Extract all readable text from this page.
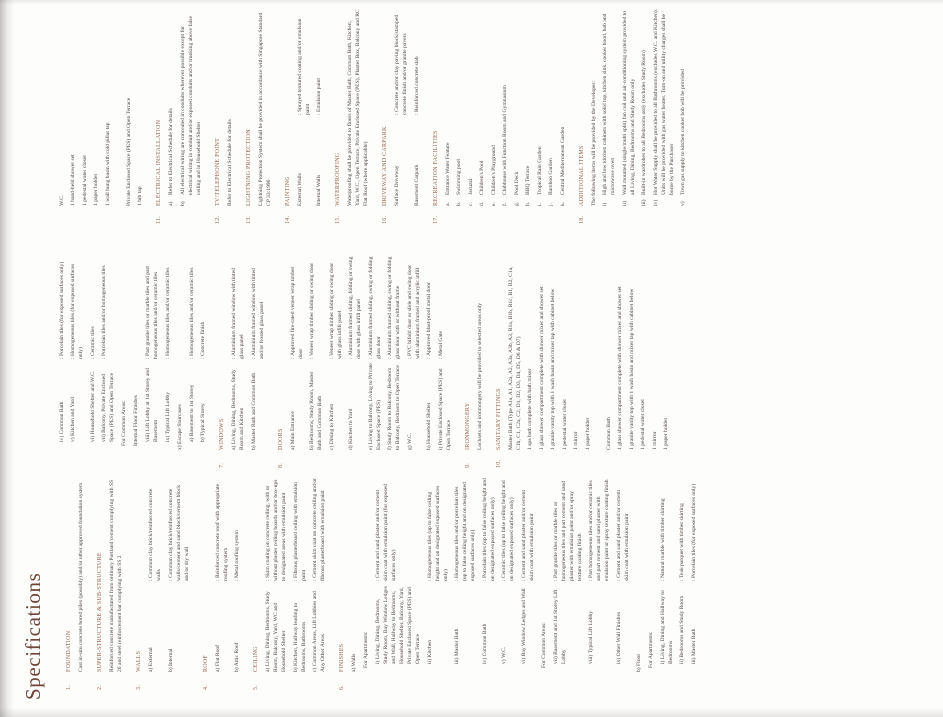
Specifications	1.
FOUNDATION Cast in-situ concrete bored piles (possibly) and/or other approved foundation system
2.
SUPER-STRUCTURE & SUB-STRUCTURE Reinforced concrete manufactured from ordinary Portland cement complying with SS 26 and steel reinforcement bar complying with SS 2
3.
WALLS a) External
: Common clay brick/reinforced concrete walls
b) Internal
: Common clay brick/reinforced concrete walls/cement and sand block/cement block and/or dry wall
4.
ROOF a) Flat Roof
: Reinforced concrete roof with appropriate roofing system
b) Attic Roof
: Metal roofing system
5.
CEILING a) Living, Dining, Bedrooms, Study Room, Balcony, Yard, WC and Household Shelter
: Skim coating on concrete ceiling, with or without plaster ceiling boards and/or box-ups to designated areas with emulsion paint
b) Kitchen, Hallway leading to Bedrooms, Bathrooms
: Fibrous plasterboard ceiling with emulsion paint
c) Common Areas, Lift Lobbies and Any Other Areas
: Cement skim coat on concrete ceiling and/or fibrous plasterboard with emulsion paint
6.
FINISHES a) Walls For Apartments: i) Living, Dining, Bedrooms, Study Room, Bay Window Ledges and Wall, Hallway to Bedrooms, Household Shelter, Balcony, Yard, Private Enclosed Space (PES) and Open Terrace
: Cement and sand plaster and/or cement skim coat with emulsion paint (for exposed surfaces only)
ii) Kitchen
: Homogeneous tiles (up to false ceiling height and on designated exposed surfaces only)
iii) Master Bath
: Homogeneous tiles and/or porcelain tiles (up to false ceiling height and on designated exposed surfaces only)
iv) Common Bath
: Porcelain tiles (up to false ceiling height and on designated exposed surfaces only)
v) W.C.
: Ceramic tiles (up to false ceiling height and on designated exposed surfaces only)
vi) Bay Window Ledges and Wall
: Cement and sand plaster and/or cement skim coat with emulsion paint
For Common Areas: vii) Basement and 1st Storey Lift Lobby
: Part granite tiles or marble tiles or homogeneous tiles and part cement and sand plaster with emulsion paint and/or spray texture coating finish
viii) Typical Lift Lobby
: Part homogeneous tiles and/or ceramic tiles and part cement and sand plaster with emulsion paint or spray texture coating finish
ix) Other Wall Finishes
: Cement and sand plaster and/or cement skim coat with emulsion paint
b) Floor For Apartments: i) Living, Dining and Hallway to Bedrooms
: Natural marble with timber skirting
ii) Bedrooms and Study Room
: Teak parquet with timber skirting
iii) Master Bath
: Porcelain tiles (for exposed surfaces only)
iv) Common Bath
: Porcelain tiles (for exposed surfaces only)
v) Kitchen and Yard
: Homogeneous tiles (for exposed surfaces only)
vi) Household Shelter and W.C.
: Ceramic tiles
vii) Balcony, Private Enclosed Space (PES) and Open Terrace
: Porcelain tiles and/or homogeneous tiles
For Common Areas: Internal Floor Finishes viii) Lift Lobby at 1st Storey and Basement
: Part granite tiles or marble tiles and part homogeneous tiles and/or ceramic tiles
ix) Typical Lift Lobby
: Homogeneous tiles and/or ceramic tiles
x) Escape Staircases a) Basement to 1st Storey
: Homogeneous tiles and/or ceramic tiles
b) Typical Storey
: Concrete finish
7.
WINDOWS a) Living, Dining, Bedrooms, Study Room and Kitchen
: Aluminium framed window with tinted glass panel
b) Master Bath and Common Bath
: Aluminium framed window with tinted and/or frosted glass panel
8.
DOORS a) Main Entrance
: Approved fire-rated veneer wrap timber door
b) Bedrooms, Study Room, Master Bath and Common Bath
: Veneer wrap timber sliding or swing door
c) Dining to Kitchen
: Veneer wrap timber sliding or swing door with glass infill panel
d) Kitchen to Yard
: Aluminium framed sliding, folding or swing door with glass infill panel
e) Living to Balcony, Living to Private Enclosed Space (PES)
: Aluminium framed sliding, swing or folding glass door
f) Study Room to Balcony, Bedroom to Balcony, Bedroom to Open Terrace
: Aluminium framed sliding, swing or folding glass door with or without frame
g) W.C.
: PVC bifold door or slide and swing door with aluminium framed and acrylic infill
h) Household Shelter
: Approved blast-proof metal door
i) Private Enclosed Space (PES) and Open Terrace
: Metal Gate
9.
IRONMONGERY Locksets and ironmongery will be provided to selected areas only
10.
SANITARY FITTINGS Master Bath (Type A1a, A1, A2a, A2, A3a, A3b, A3, B1a, B1b, B1c, B1, B2, C1a, C1b, C1, C2a, C2, D1, D2, D3, D4, D5, D6 & D7) 1 spa bath complete with bath mixer 1 glass shower compartment complete with shower mixer and shower set 1 granite vanity top with 1 wash basin and mixer tap with cabinet below 1 pedestal water closet 1 mirror 1 paper holder	Common Bath 1 glass shower compartment complete with shower mixer and shower set 1 granite vanity top with 1 wash basin and mixer tap with cabinet below 1 pedestal water closet 1 mirror 1 paper holder
W.C. 1 hand-held shower set 1 pedestal water closet 1 paper holder 1 wall hung basin with cold pillar tap	Private Enclosed Space (PES) and Open Terrace 1 bib tap
11.
ELECTRICAL INSTALLATION a)
Refer to Electrical Schedule for details
b)
All electrical wiring are concealed in conduits wherever possible except for electrical wiring in conduit and/or exposed conduits and/or trunking above false ceiling and in Household Shelter
12.
TV/TELEPHONE POINT Refer to Electrical Schedule for details
13.
LIGHTNING PROTECTION Lightning Protection System shall be provided in accordance with Singapore Standard CP 33:1996
14.
PAINTING External Walls
: Sprayed textured coating and/or emulsion paint
Internal Walls
: Emulsion paint
15.
WATERPROOFING Waterproofing shall be provided to floors of Master Bath, Common Bath, Kitchen, Yard, W.C., Open Terrace, Private Enclosed Space (PES), Planter Box, Balcony and RC Flat Roof (where applicable)
16.
DRIVEWAY AND CARPARK Surface Driveway
: Concrete and/or clay paving block/stamped concrete finish and/or granite pavers
Basement Carpark
: Reinforced concrete slab
17.
RECREATION FACILITIES a.
Entrance Water Feature
b.
Swimming pool
c.
Jacuzzi
d.
Children's Pool
e.
Children's Playground
f.
Clubhouse with Function Room and Gymnasium
g.
Pool Deck
h.
BBQ Terrace
i.
Tropical Rain Garden
j.
Bamboo Garden
k.
Central Mediterranean Garden
18.
ADDITIONAL ITEMS The following items will be provided by the Developer: i)
High and low kitchen cabinets with solid top, kitchen sink, cooker hood, hob and microwave oven
ii)
Wall mounted (single/multi split) fan coil unit air-conditioning system provided to all Living, Dining, Bedrooms and Study Room only
iii)
Built-in wardrobes to all Bedrooms only (excludes Study Room)
iv)
Hot Water Supply shall be provided to all Bathrooms (excludes W.C. and Kitchen). Units will be provided with gas water heater. Turn-on and utility charges shall be borne by the Purchaser
v)
Town gas supply to kitchen cooker hob will be provided
